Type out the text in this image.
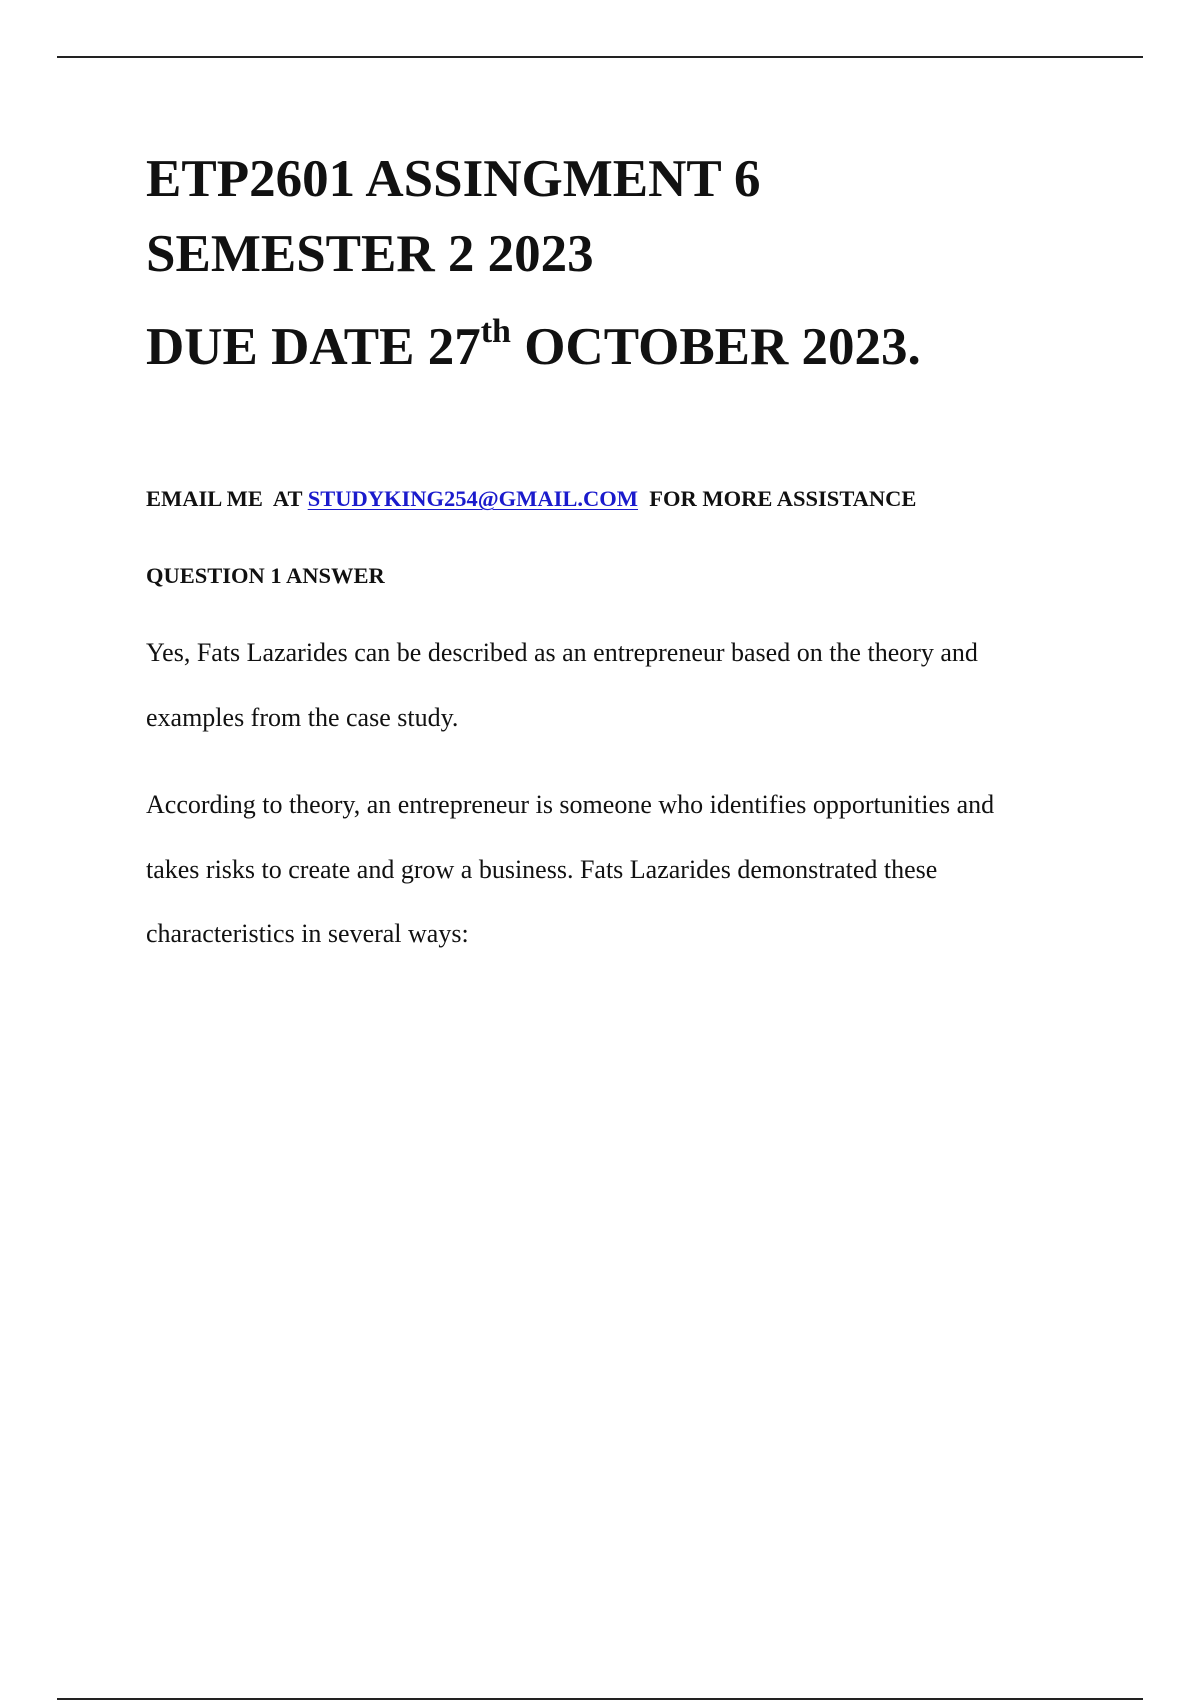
ETP2601 ASSINGMENT 6
SEMESTER 2 2023
DUE DATE 27th OCTOBER 2023.

EMAIL ME  AT STUDYKING254@GMAIL.COM  FOR MORE ASSISTANCE

QUESTION 1 ANSWER

Yes, Fats Lazarides can be described as an entrepreneur based on the theory and
examples from the case study.

According to theory, an entrepreneur is someone who identifies opportunities and
takes risks to create and grow a business. Fats Lazarides demonstrated these
characteristics in several ways:
